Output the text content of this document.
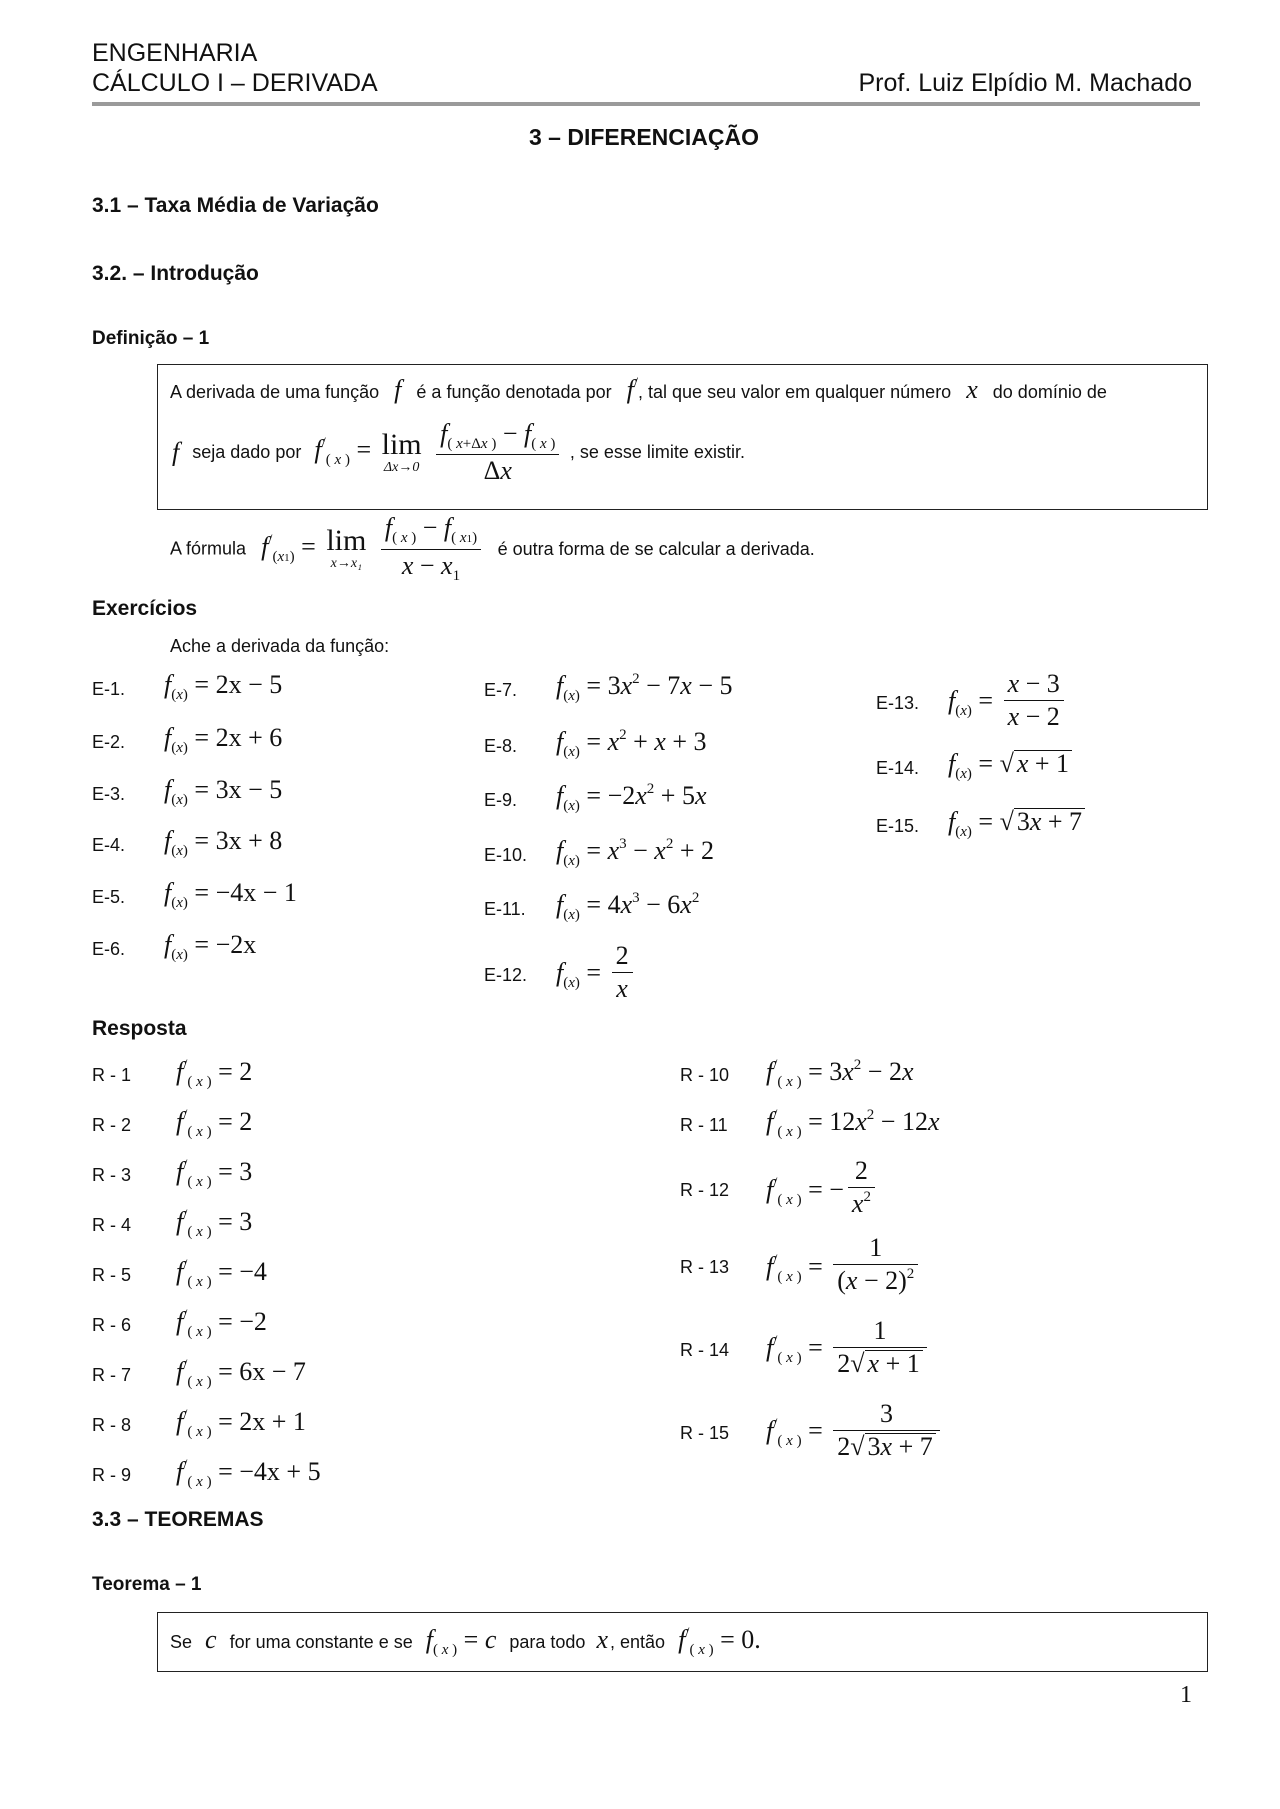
ENGENHARIA
CÁLCULO I – DERIVADA	Prof. Luiz Elpídio M. Machado
3 – DIFERENCIAÇÃO
3.1 – Taxa Média de Variação
3.2. – Introdução
Definição – 1
A derivada de uma função f é a função denotada por f/, tal que seu valor em qualquer número x do domínio de
f seja dado por $f^/_{( x )} = \lim$
Δx→0
$\frac{f_{( x+\Delta x )} - f_{( x )}}{\Delta x}$ , se esse limite existir.
A fórmula $f^/_{(x1)} = \lim$
x→x₁
$\frac{f_{( x )} - f_{( x1)}}{x - x_1}$ é outra forma de se calcular a derivada.
Exercícios
Ache a derivada da função:
E-1. $f_{(x)} = 2x - 5$
E-2. $f_{(x)} = 2x + 6$
E-3. $f_{(x)} = 3x - 5$
E-4. $f_{(x)} = 3x + 8$
E-5. $f_{(x)} = -4x - 1$
E-6. $f_{(x)} = -2x$
E-7. $f_{(x)} = 3x^2 - 7x - 5$
E-8. $f_{(x)} = x^2 + x + 3$
E-9. $f_{(x)} = -2x^2 + 5x$
E-10. $f_{(x)} = x^3 - x^2 + 2$
E-11. $f_{(x)} = 4x^3 - 6x^2$
E-12. $f_{(x)} = \frac{2}{x}$
E-13. $f_{(x)} = \frac{x - 3}{x - 2}$
E-14. $f_{(x)}$ = √ x + 1
E-15. $f_{(x)}$ = √ 3x + 7
Resposta
R - 1 $f^/_{( x )} = 2$
R - 2 $f^/_{( x )} = 2$
R - 3 $f^/_{( x )} = 3$
R - 4 $f^/_{( x )} = 3$
R - 5 $f^/_{( x )} = -4$
R - 6 $f^/_{( x )} = -2$
R - 7 $f^/_{( x )} = 6x - 7$
R - 8 $f^/_{( x )} = 2x + 1$
R - 9 $f^/_{( x )} = -4x + 5$
R - 10 $f^/_{( x )} = 3x^2 - 2x$
R - 11 $f^/_{( x )} = 12x^2 - 12x$
R - 12 $f^/_{( x )}$ = − $\frac{2}{x^2}$
R - 13 $f^/_{( x )} = \frac{1}{(x - 2)^2}$
R - 14 $f^/_{( x )} = \frac{1}{2√ x + 1}$
R - 15 $f^/_{( x )} = \frac{3}{2√ 3x + 7}$
3.3 – TEOREMAS
Teorema – 1
Se c for uma constante e se $f_{( x )} = c$ para todo x , então $f^/_{( x )} = 0$.
1
